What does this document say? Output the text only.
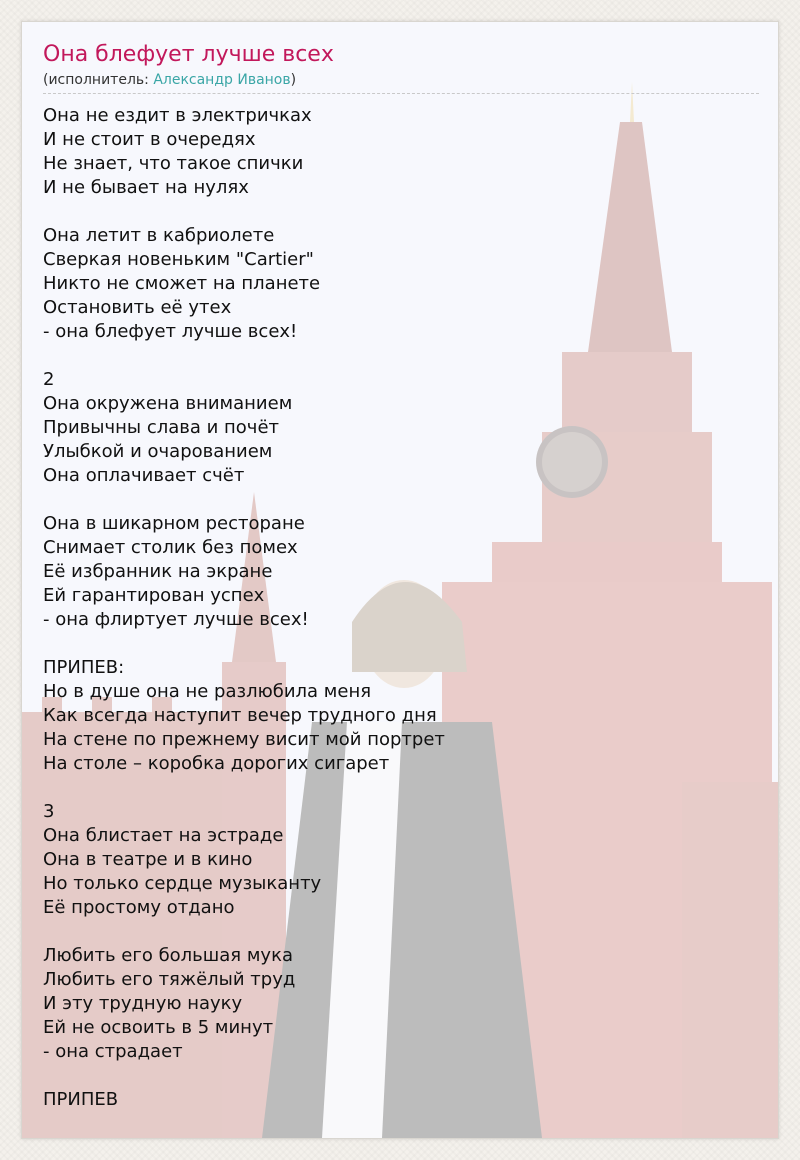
Она блефует лучше всех
(исполнитель: Александр Иванов)
Она не ездит в электричках
И не стоит в очередях
Не знает, что такое спички
И не бывает на нулях
Она летит в кабриолете
Сверкая новеньким "Cartier"
Никто не сможет на планете
Остановить её утех
- она блефует лучше всех!
2
Она окружена вниманием
Привычны слава и почёт
Улыбкой и очарованием
Она оплачивает счёт
Она в шикарном ресторане
Снимает столик без помех
Её избранник на экране
Ей гарантирован успех
- она флиртует лучше всех!
ПРИПЕВ:
Но в душе она не разлюбила меня
Как всегда наступит вечер трудного дня
На стене по прежнему висит мой портрет
На столе – коробка дорогих сигарет
3
Она блистает на эстраде
Она в театре и в кино
Но только сердце музыканту
Её простому отдано
Любить его большая мука
Любить его тяжёлый труд
И эту трудную науку
Ей не освоить в 5 минут
- она страдает
ПРИПЕВ
